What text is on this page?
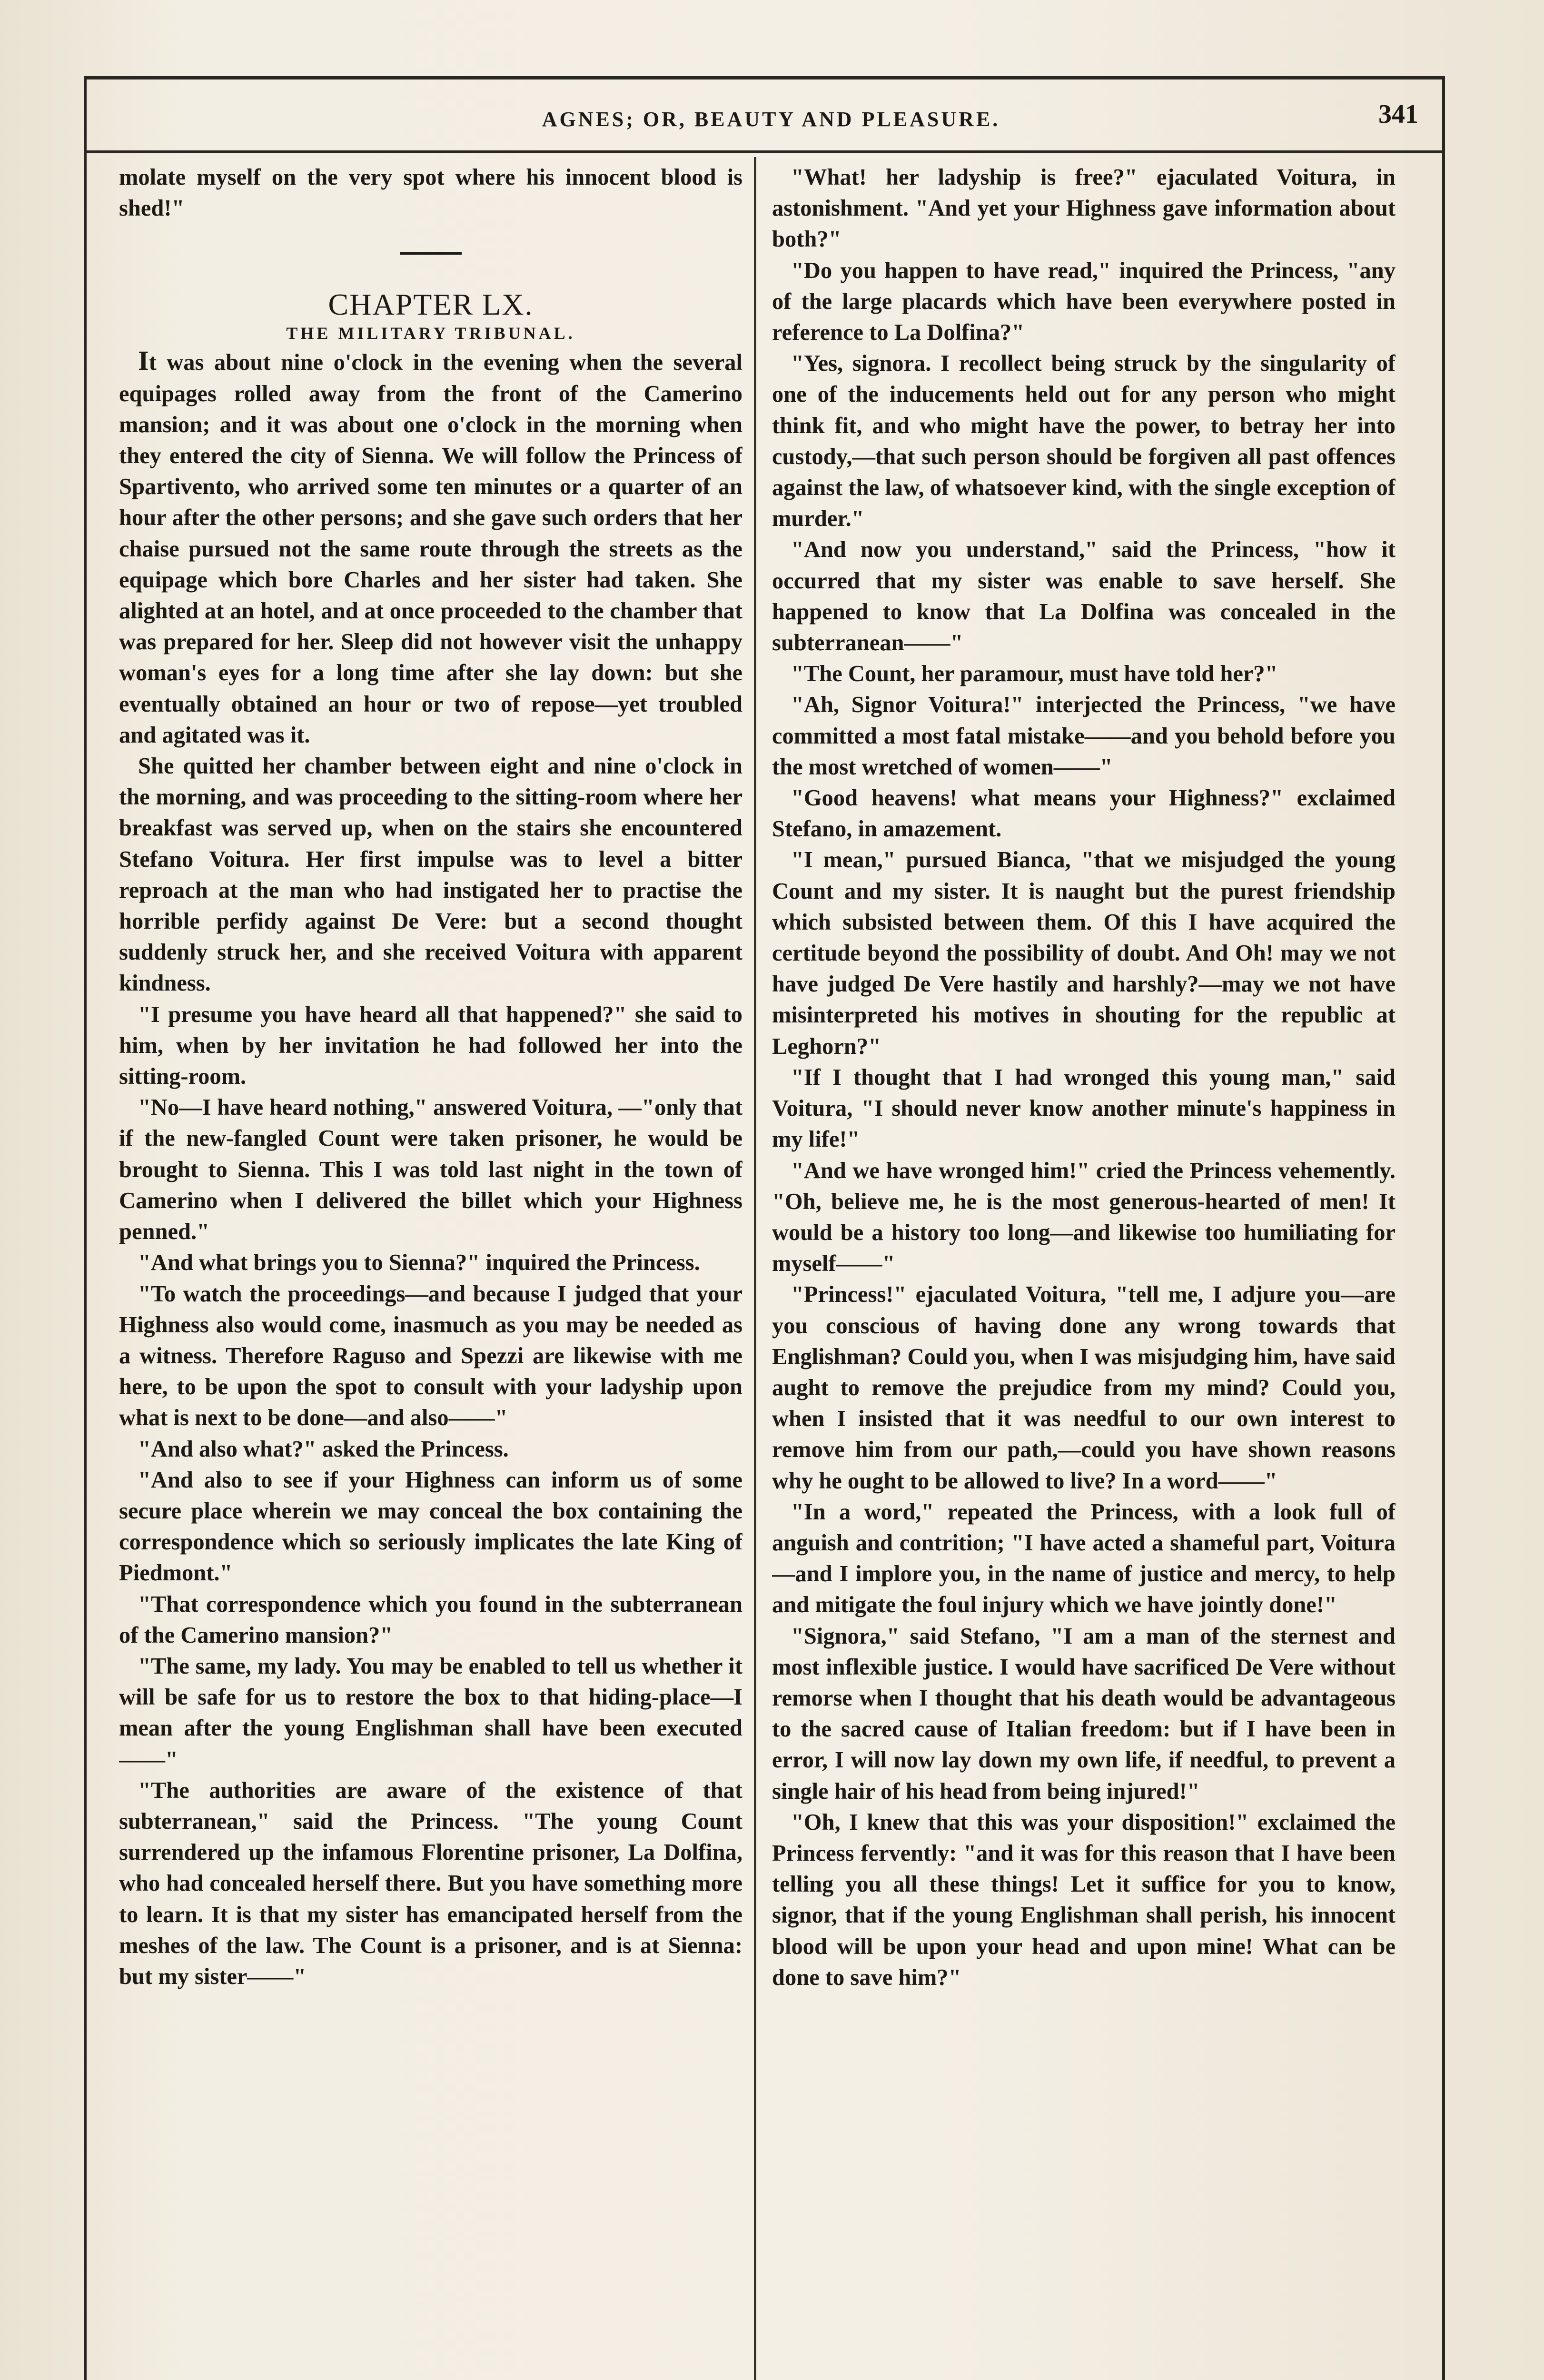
AGNES; OR, BEAUTY AND PLEASURE.	341

molate myself on the very spot where his innocent blood is shed!"

CHAPTER LX.

THE MILITARY TRIBUNAL.

It was about nine o'clock in the evening when the several equipages rolled away from the front of the Camerino mansion; and it was about one o'clock in the morning when they entered the city of Sienna. We will follow the Princess of Spartivento, who arrived some ten minutes or a quarter of an hour after the other persons; and she gave such orders that her chaise pursued not the same route through the streets as the equipage which bore Charles and her sister had taken. She alighted at an hotel, and at once proceeded to the chamber that was prepared for her. Sleep did not however visit the unhappy woman's eyes for a long time after she lay down: but she eventually obtained an hour or two of repose—yet troubled and agitated was it.

She quitted her chamber between eight and nine o'clock in the morning, and was proceeding to the sitting-room where her breakfast was served up, when on the stairs she encountered Stefano Voitura. Her first impulse was to level a bitter reproach at the man who had instigated her to practise the horrible perfidy against De Vere: but a second thought suddenly struck her, and she received Voitura with apparent kindness.

"I presume you have heard all that happened?" she said to him, when by her invitation he had followed her into the sitting-room.

"No—I have heard nothing," answered Voitura, —"only that if the new-fangled Count were taken prisoner, he would be brought to Sienna. This I was told last night in the town of Camerino when I delivered the billet which your Highness penned."

"And what brings you to Sienna?" inquired the Princess.

"To watch the proceedings—and because I judged that your Highness also would come, inasmuch as you may be needed as a witness. Therefore Raguso and Spezzi are likewise with me here, to be upon the spot to consult with your ladyship upon what is next to be done—and also——"

"And also what?" asked the Princess.

"And also to see if your Highness can inform us of some secure place wherein we may conceal the box containing the correspondence which so seriously implicates the late King of Piedmont."

"That correspondence which you found in the subterranean of the Camerino mansion?"

"The same, my lady. You may be enabled to tell us whether it will be safe for us to restore the box to that hiding-place—I mean after the young Englishman shall have been executed——"

"The authorities are aware of the existence of that subterranean," said the Princess. "The young Count surrendered up the infamous Florentine prisoner, La Dolfina, who had concealed herself there. But you have something more to learn. It is that my sister has emancipated herself from the meshes of the law. The Count is a prisoner, and is at Sienna: but my sister——"

"What! her ladyship is free?" ejaculated Voitura, in astonishment. "And yet your Highness gave information about both?"

"Do you happen to have read," inquired the Princess, "any of the large placards which have been everywhere posted in reference to La Dolfina?"

"Yes, signora. I recollect being struck by the singularity of one of the inducements held out for any person who might think fit, and who might have the power, to betray her into custody,—that such person should be forgiven all past offences against the law, of whatsoever kind, with the single exception of murder."

"And now you understand," said the Princess, "how it occurred that my sister was enable to save herself. She happened to know that La Dolfina was concealed in the subterranean——"

"The Count, her paramour, must have told her?"

"Ah, Signor Voitura!" interjected the Princess, "we have committed a most fatal mistake——and you behold before you the most wretched of women——"

"Good heavens! what means your Highness?" exclaimed Stefano, in amazement.

"I mean," pursued Bianca, "that we misjudged the young Count and my sister. It is naught but the purest friendship which subsisted between them. Of this I have acquired the certitude beyond the possibility of doubt. And Oh! may we not have judged De Vere hastily and harshly?—may we not have misinterpreted his motives in shouting for the republic at Leghorn?"

"If I thought that I had wronged this young man," said Voitura, "I should never know another minute's happiness in my life!"

"And we have wronged him!" cried the Princess vehemently. "Oh, believe me, he is the most generous-hearted of men! It would be a history too long—and likewise too humiliating for myself——"

"Princess!" ejaculated Voitura, "tell me, I adjure you—are you conscious of having done any wrong towards that Englishman? Could you, when I was misjudging him, have said aught to remove the prejudice from my mind? Could you, when I insisted that it was needful to our own interest to remove him from our path,—could you have shown reasons why he ought to be allowed to live? In a word——"

"In a word," repeated the Princess, with a look full of anguish and contrition; "I have acted a shameful part, Voitura—and I implore you, in the name of justice and mercy, to help and mitigate the foul injury which we have jointly done!"

"Signora," said Stefano, "I am a man of the sternest and most inflexible justice. I would have sacrificed De Vere without remorse when I thought that his death would be advantageous to the sacred cause of Italian freedom: but if I have been in error, I will now lay down my own life, if needful, to prevent a single hair of his head from being injured!"

"Oh, I knew that this was your disposition!" exclaimed the Princess fervently: "and it was for this reason that I have been telling you all these things! Let it suffice for you to know, signor, that if the young Englishman shall perish, his innocent blood will be upon your head and upon mine! What can be done to save him?"
